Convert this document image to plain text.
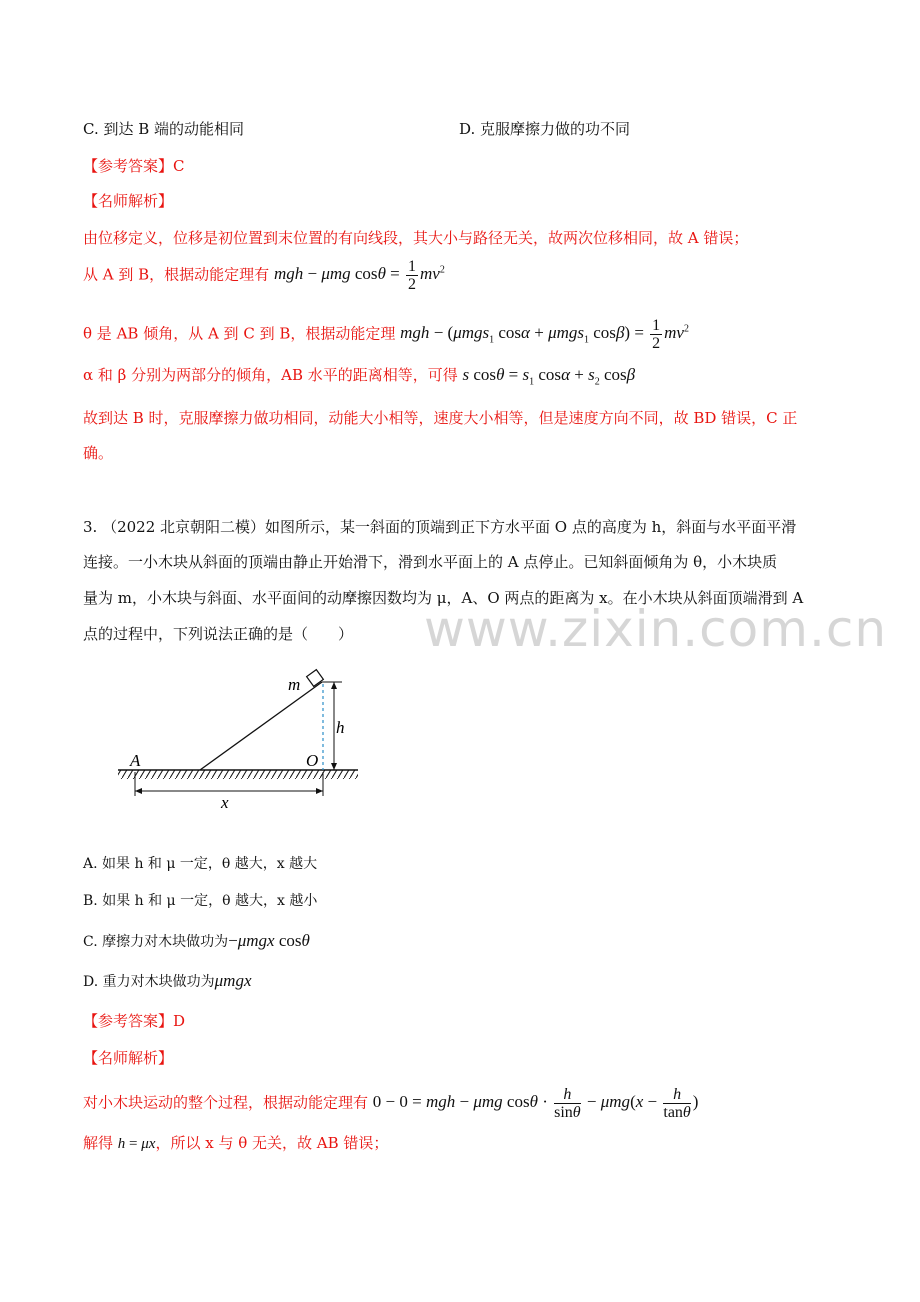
www.zixin.com.cn
C. 到达 B 端的动能相同	D. 克服摩擦力做的功不同
【参考答案】C
【名师解析】
由位移定义，位移是初位置到末位置的有向线段，其大小与路径无关，故两次位移相同，故 A 错误；
从 A 到 B，根据动能定理有 mgh − μmg $\cos\theta = \frac{1}{2} mv^2$
θ 是 AB 倾角，从 A 到 C 到 B，根据动能定理 mgh − (μmgs$_1$ cosα + μmgs$_1$ $\cos\beta) = \frac{1}{2} mv^2$
α 和 β 分别为两部分的倾角，AB 水平的距离相等，可得 s $\cos\theta = s_1$ $\cos\alpha + s_2$ cosβ
故到达 B 时，克服摩擦力做功相同，动能大小相等，速度大小相等，但是速度方向不同，故 BD 错误，C 正
确。
3. （2022 北京朝阳二模）如图所示，某一斜面的顶端到正下方水平面 O 点的高度为 h，斜面与水平面平滑
连接。一小木块从斜面的顶端由静止开始滑下，滑到水平面上的 A 点停止。已知斜面倾角为 θ，小木块质
量为 m，小木块与斜面、水平面间的动摩擦因数均为 μ，A、O 两点的距离为 x。在小木块从斜面顶端滑到 A
点的过程中，下列说法正确的是（　　）
m
h
A	O
x
A. 如果 h 和 μ 一定，θ 越大，x 越大
B. 如果 h 和 μ 一定，θ 越大，x 越小
C. 摩擦力对木块做功为−μmgx cosθ
D. 重力对木块做功为μmgx
【参考答案】D
【名师解析】
对小木块运动的整个过程，根据动能定理有 0 − 0 = mgh − μmg $\cos\theta \cdot \frac{h}{\sin\theta} - \mu mg(x - \frac{h}{\tan\theta}$ )
解得 h = μx，所以 x 与 θ 无关，故 AB 错误；
